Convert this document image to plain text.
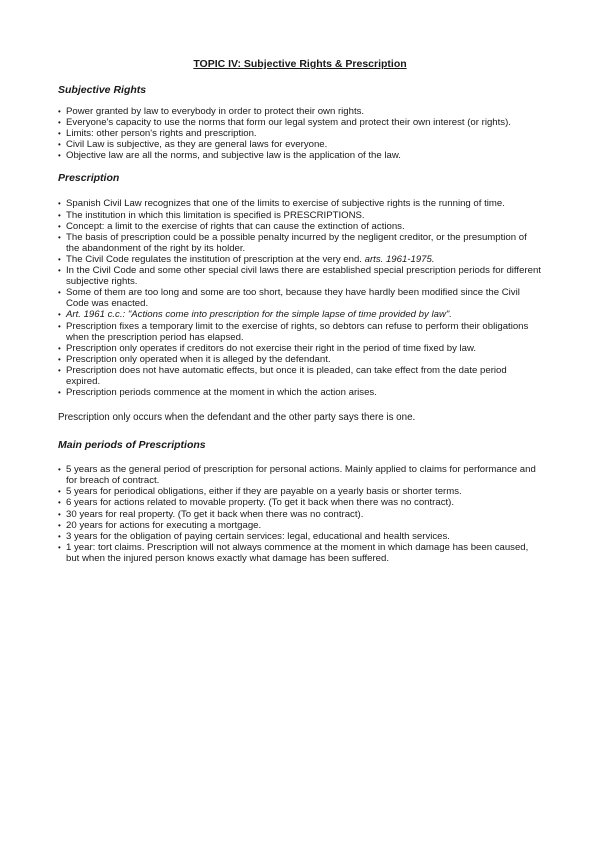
TOPIC IV: Subjective Rights & Prescription

Subjective Rights

• Power granted by law to everybody in order to protect their own rights.
• Everyone's capacity to use the norms that form our legal system and protect their own interest (or rights).
• Limits: other person's rights and prescription.
• Civil Law is subjective, as they are general laws for everyone.
• Objective law are all the norms, and subjective law is the application of the law.

Prescription

• Spanish Civil Law recognizes that one of the limits to exercise of subjective rights is the running of time.
• The institution in which this limitation is specified is PRESCRIPTIONS.
• Concept: a limit to the exercise of rights that can cause the extinction of actions.
• The basis of prescription could be a possible penalty incurred by the negligent creditor, or the presumption of the abandonment of the right by its holder.
• The Civil Code regulates the institution of prescription at the very end. arts. 1961-1975.
• In the Civil Code and some other special civil laws there are established special prescription periods for different subjective rights.
• Some of them are too long and some are too short, because they have hardly been modified since the Civil Code was enacted.
• Art. 1961 c.c.: "Actions come into prescription for the simple lapse of time provided by law".
• Prescription fixes a temporary limit to the exercise of rights, so debtors can refuse to perform their obligations when the prescription period has elapsed.
• Prescription only operates if creditors do not exercise their right in the period of time fixed by law.
• Prescription only operated when it is alleged by the defendant.
• Prescription does not have automatic effects, but once it is pleaded, can take effect from the date period expired.
• Prescription periods commence at the moment in which the action arises.

Prescription only occurs when the defendant and the other party says there is one.

Main periods of Prescriptions

• 5 years as the general period of prescription for personal actions. Mainly applied to claims for performance and for breach of contract.
• 5 years for periodical obligations, either if they are payable on a yearly basis or shorter terms.
• 6 years for actions related to movable property. (To get it back when there was no contract).
• 30 years for real property. (To get it back when there was no contract).
• 20 years for actions for executing a mortgage.
• 3 years for the obligation of paying certain services: legal, educational and health services.
• 1 year: tort claims. Prescription will not always commence at the moment in which damage has been caused, but when the injured person knows exactly what damage has been suffered.
